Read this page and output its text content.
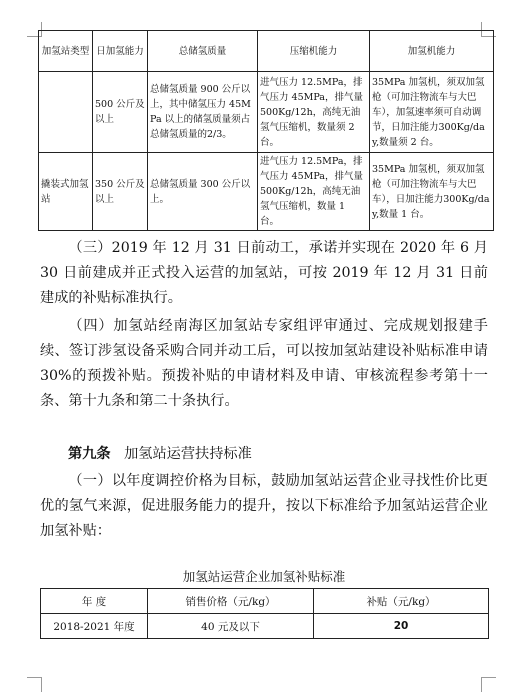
加氢站类型	日加氢能力	总储氢质量	压缩机能力	加氢机能力
	500 公斤及以上	总储氢质量 900 公斤以上，其中储氢压力 45MPa 以上的储氢质量须占总储氢质量的2/3。	进气压力 12.5MPa，排气压力 45MPa，排气量 500Kg/12h，高纯无油氢气压缩机，数量须 2 台。	35MPa 加氢机，须双加氢枪（可加注物流车与大巴车），加氢速率须可自动调节，日加注能力300Kg/day,数量须 2 台。
撬装式加氢站	350 公斤及以上	总储氢质量 300 公斤以上。	进气压力 12.5MPa，排气压力 45MPa，排气量 500Kg/12h，高纯无油氢气压缩机，数量 1 台。	35MPa 加氢机，须双加氢枪（可加注物流车与大巴车），日加注能力300Kg/day,数量 1 台。
（三）2019 年 12 月 31 日前动工，承诺并实现在 2020 年 6 月 30 日前建成并正式投入运营的加氢站，可按 2019 年 12 月 31 日前建成的补贴标准执行。
（四）加氢站经南海区加氢站专家组评审通过、完成规划报建手续、签订涉氢设备采购合同并动工后，可以按加氢站建设补贴标准申请 30%的预拨补贴。预拨补贴的申请材料及申请、审核流程参考第十一条、第十九条和第二十条执行。
第九条 加氢站运营扶持标准
（一）以年度调控价格为目标，鼓励加氢站运营企业寻找性价比更优的氢气来源，促进服务能力的提升，按以下标准给予加氢站运营企业加氢补贴：
加氢站运营企业加氢补贴标准
年 度	销售价格（元/kg）	补贴（元/kg）
2018-2021 年度	40 元及以下	20
